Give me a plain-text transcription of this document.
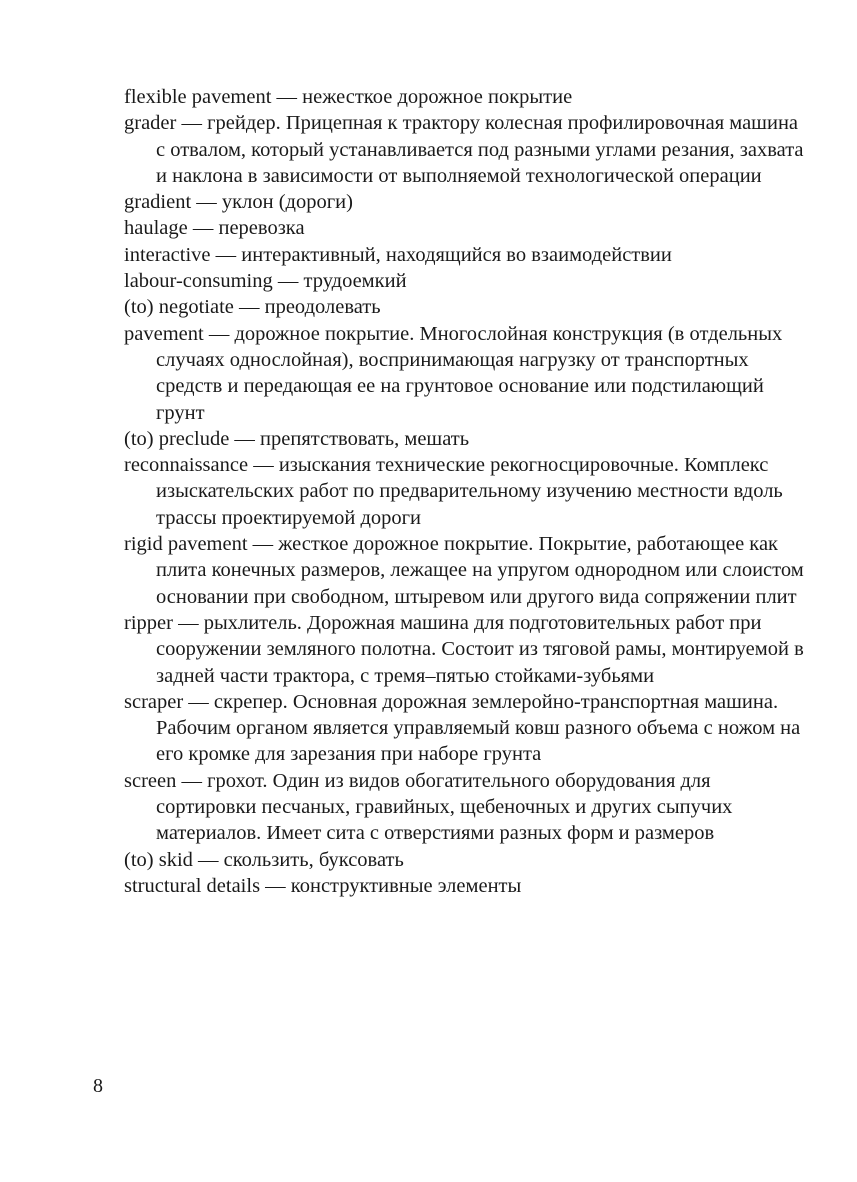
flexible pavement — нежесткое дорожное покрытие

grader — грейдер. Прицепная к трактору колесная профилировочная машина с отвалом, который устанавливается под разными углами резания, захвата и наклона в зависимости от выполняемой технологической операции

gradient — уклон (дороги)

haulage — перевозка

interactive — интерактивный, находящийся во взаимодействии

labour-consuming — трудоемкий

(to) negotiate — преодолевать

pavement — дорожное покрытие. Многослойная конструкция (в отдельных случаях однослойная), воспринимающая нагрузку от транспортных средств и передающая ее на грунтовое основание или подстилающий грунт

(to) preclude — препятствовать, мешать

reconnaissance — изыскания технические рекогносцировочные. Комплекс изыскательских работ по предварительному изучению местности вдоль трассы проектируемой дороги

rigid pavement — жесткое дорожное покрытие. Покрытие, работающее как плита конечных размеров, лежащее на упругом однородном или слоистом основании при свободном, штыревом или другого вида сопряжении плит

ripper — рыхлитель. Дорожная машина для подготовительных работ при сооружении земляного полотна. Состоит из тяговой рамы, монтируемой в задней части трактора, с тремя–пятью стойками-зубьями

scraper — скрепер. Основная дорожная землеройно-транспортная машина. Рабочим органом является управляемый ковш разного объема с ножом на его кромке для зарезания при наборе грунта

screen — грохот. Один из видов обогатительного оборудования для сортировки песчаных, гравийных, щебеночных и других сыпучих материалов. Имеет сита с отверстиями разных форм и размеров

(to) skid — скользить, буксовать

structural details — конструктивные элементы

8
